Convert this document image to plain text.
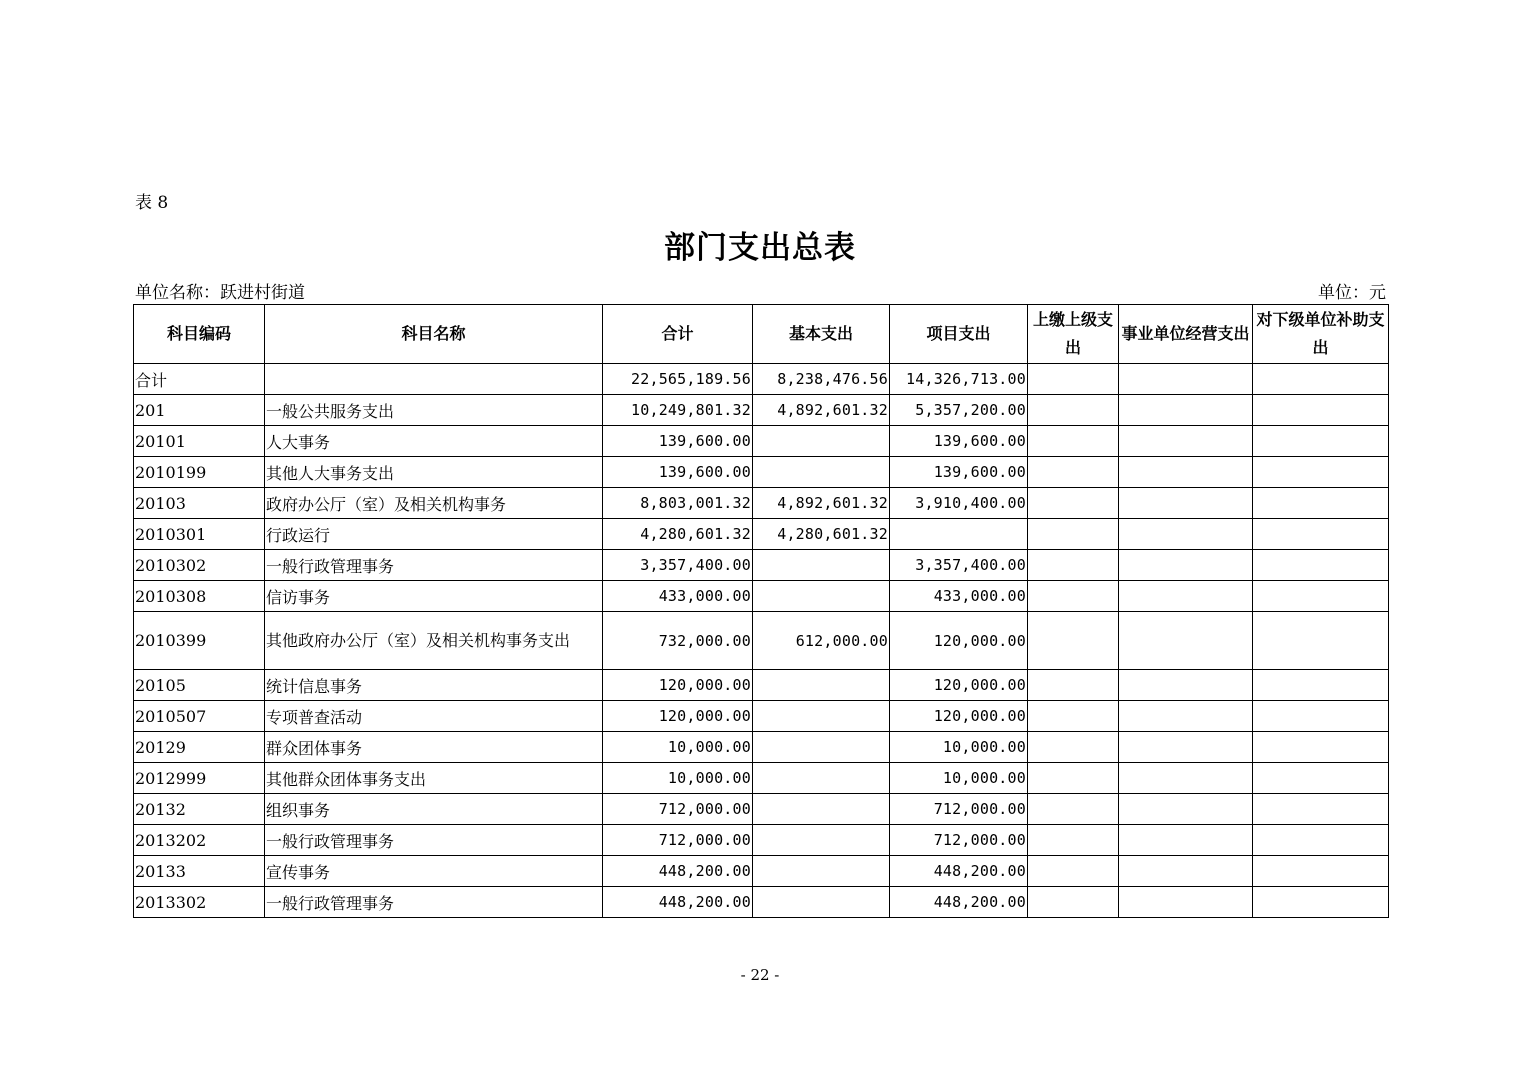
表 8
部门支出总表
单位名称：跃进村街道	单位：元
科目编码	科目名称	合计	基本支出	项目支出	上缴上级支出	事业单位经营支出	对下级单位补助支出
合计		22,565,189.56	8,238,476.56	14,326,713.00			
201	一般公共服务支出	10,249,801.32	4,892,601.32	5,357,200.00			
20101	人大事务	139,600.00		139,600.00			
2010199	其他人大事务支出	139,600.00		139,600.00			
20103	政府办公厅（室）及相关机构事务	8,803,001.32	4,892,601.32	3,910,400.00			
2010301	行政运行	4,280,601.32	4,280,601.32				
2010302	一般行政管理事务	3,357,400.00		3,357,400.00			
2010308	信访事务	433,000.00		433,000.00			
2010399	其他政府办公厅（室）及相关机构事务支出	732,000.00	612,000.00	120,000.00			
20105	统计信息事务	120,000.00		120,000.00			
2010507	专项普查活动	120,000.00		120,000.00			
20129	群众团体事务	10,000.00		10,000.00			
2012999	其他群众团体事务支出	10,000.00		10,000.00			
20132	组织事务	712,000.00		712,000.00			
2013202	一般行政管理事务	712,000.00		712,000.00			
20133	宣传事务	448,200.00		448,200.00			
2013302	一般行政管理事务	448,200.00		448,200.00			
- 22 -
